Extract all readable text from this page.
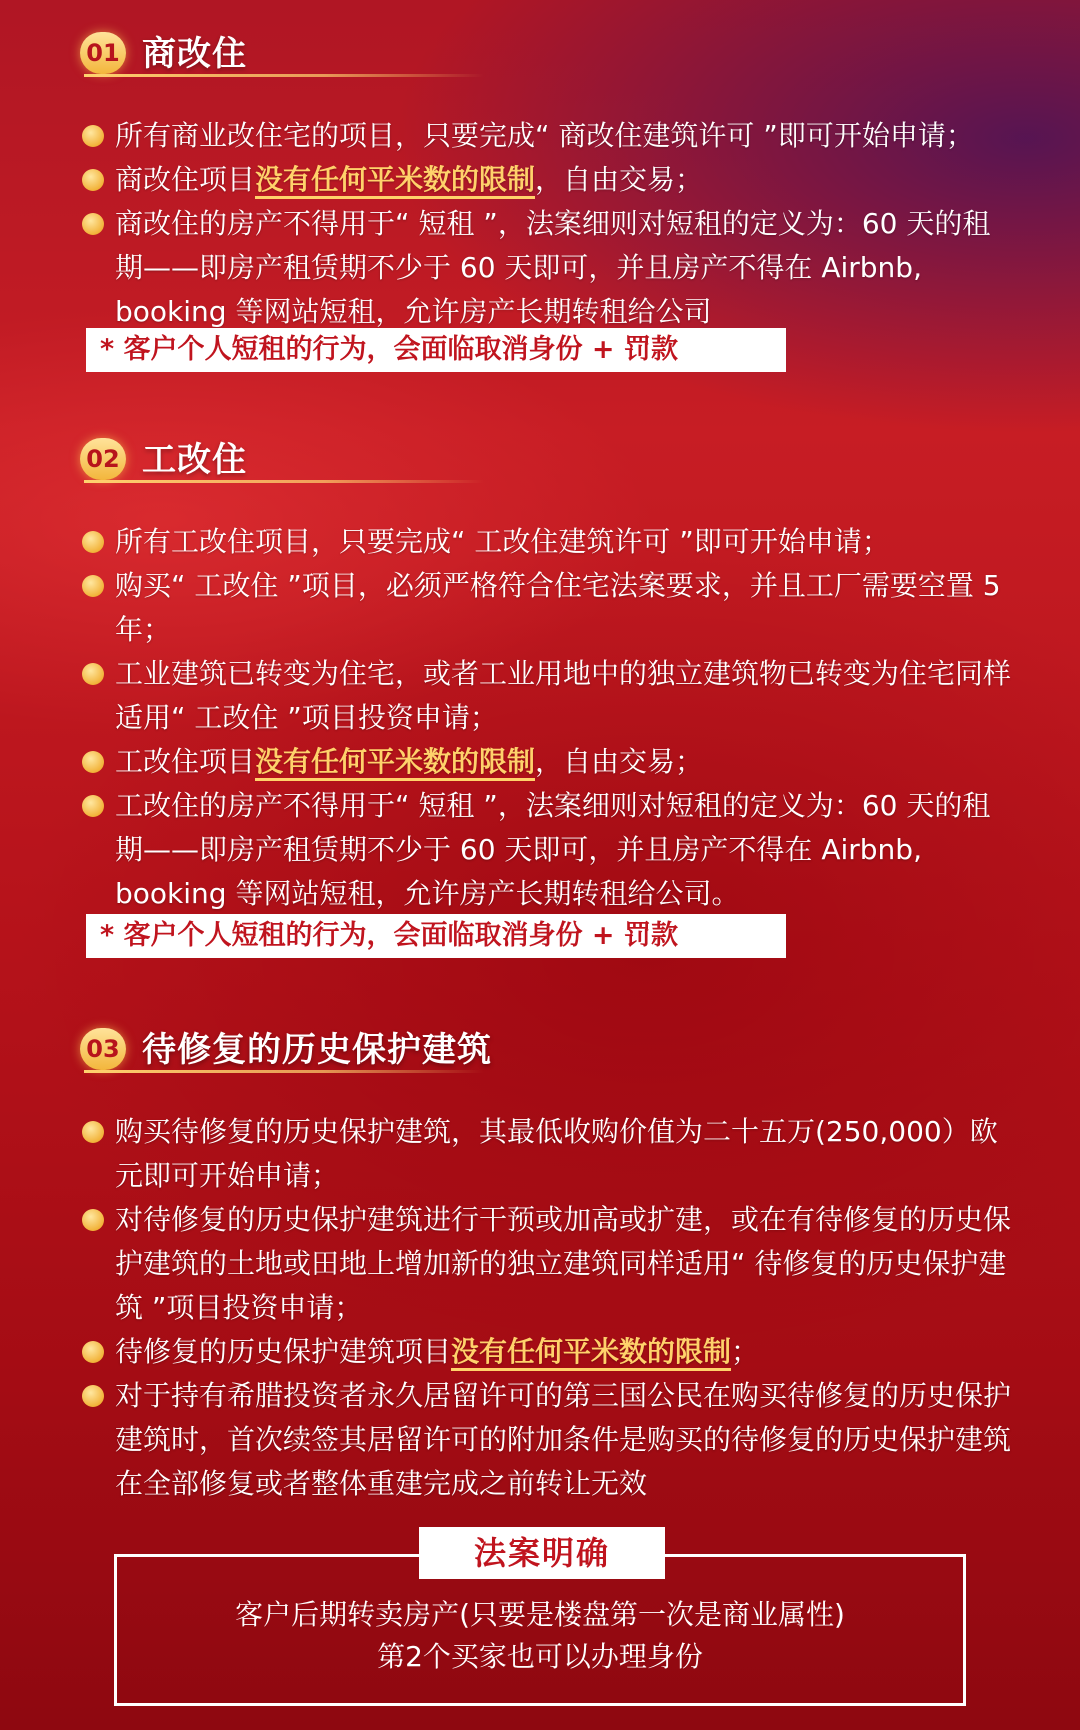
01 商改住
所有商业改住宅的项目，只要完成“ 商改住建筑许可 ”即可开始申请；
商改住项目没有任何平米数的限制，自由交易；
商改住的房产不得用于“ 短租 ”，法案细则对短租的定义为：60 天的租期——即房产租赁期不少于 60 天即可，并且房产不得在 Airbnb, booking 等网站短租，允许房产长期转租给公司
* 客户个人短租的行为，会面临取消身份 + 罚款
02 工改住
所有工改住项目，只要完成“ 工改住建筑许可 ”即可开始申请；
购买“ 工改住 ”项目，必须严格符合住宅法案要求，并且工厂需要空置 5 年；
工业建筑已转变为住宅，或者工业用地中的独立建筑物已转变为住宅同样适用“ 工改住 ”项目投资申请；
工改住项目没有任何平米数的限制，自由交易；
工改住的房产不得用于“ 短租 ”，法案细则对短租的定义为：60 天的租期——即房产租赁期不少于 60 天即可，并且房产不得在 Airbnb, booking 等网站短租，允许房产长期转租给公司。
* 客户个人短租的行为，会面临取消身份 + 罚款
03 待修复的历史保护建筑
购买待修复的历史保护建筑，其最低收购价值为二十五万(250,000）欧元即可开始申请；
对待修复的历史保护建筑进行干预或加高或扩建，或在有待修复的历史保护建筑的土地或田地上增加新的独立建筑同样适用“ 待修复的历史保护建筑 ”项目投资申请；
待修复的历史保护建筑项目没有任何平米数的限制；
对于持有希腊投资者永久居留许可的第三国公民在购买待修复的历史保护建筑时，首次续签其居留许可的附加条件是购买的待修复的历史保护建筑在全部修复或者整体重建完成之前转让无效
法案明确
客户后期转卖房产(只要是楼盘第一次是商业属性)
第2个买家也可以办理身份
